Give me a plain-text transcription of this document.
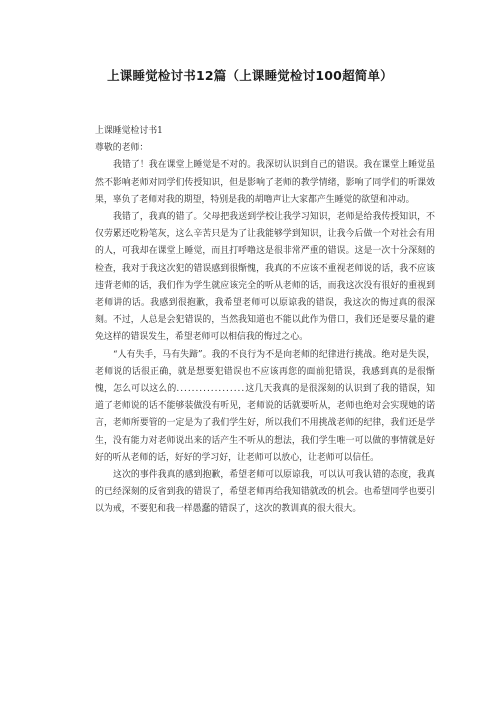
上课睡觉检讨书12篇（上课睡觉检讨100超简单）

上课睡觉检讨书1

尊敬的老师：

我错了！我在课堂上睡觉是不对的。我深切认识到自己的错误。我在课堂上睡觉虽然不影响老师对同学们传授知识，但是影响了老师的教学情绪，影响了同学们的听课效果，辜负了老师对我的期望，特别是我的胡噜声让大家都产生睡觉的欲望和冲动。

我错了，我真的错了。父母把我送到学校让我学习知识，老师是给我传授知识，不仅劳累还吃粉笔灰，这么辛苦只是为了让我能够学到知识，让我今后做一个对社会有用的人，可我却在课堂上睡觉，而且打呼噜这是很非常严重的错误。这是一次十分深刻的检查，我对于我这次犯的错误感到很惭愧，我真的不应该不重视老师说的话，我不应该违背老师的话，我们作为学生就应该完全的听从老师的话，而我这次没有很好的重视到老师讲的话。我感到很抱歉，我希望老师可以原谅我的错误，我这次的悔过真的很深刻。不过，人总是会犯错误的，当然我知道也不能以此作为借口，我们还是要尽量的避免这样的错误发生，希望老师可以相信我的悔过之心。

“人有失手，马有失蹄”。我的不良行为不是向老师的纪律进行挑战。绝对是失误，老师说的话很正确，就是想要犯错误也不应该再您的面前犯错误，我感到真的是很惭愧，怎么可以这么的..................这几天我真的是很深刻的认识到了我的错误，知道了老师说的话不能够装做没有听见，老师说的话就要听从，老师也绝对会实现她的诺言，老师所要管的一定是为了我们学生好，所以我们不用挑战老师的纪律，我们还是学生，没有能力对老师说出来的话产生不听从的想法，我们学生唯一可以做的事情就是好好的听从老师的话，好好的学习好，让老师可以放心，让老师可以信任。

这次的事件我真的感到抱歉，希望老师可以原谅我，可以认可我认错的态度，我真的已经深刻的反省到我的错误了，希望老师再给我知错就改的机会。也希望同学也要引以为戒，不要犯和我一样愚蠢的错误了，这次的教训真的很大很大。
